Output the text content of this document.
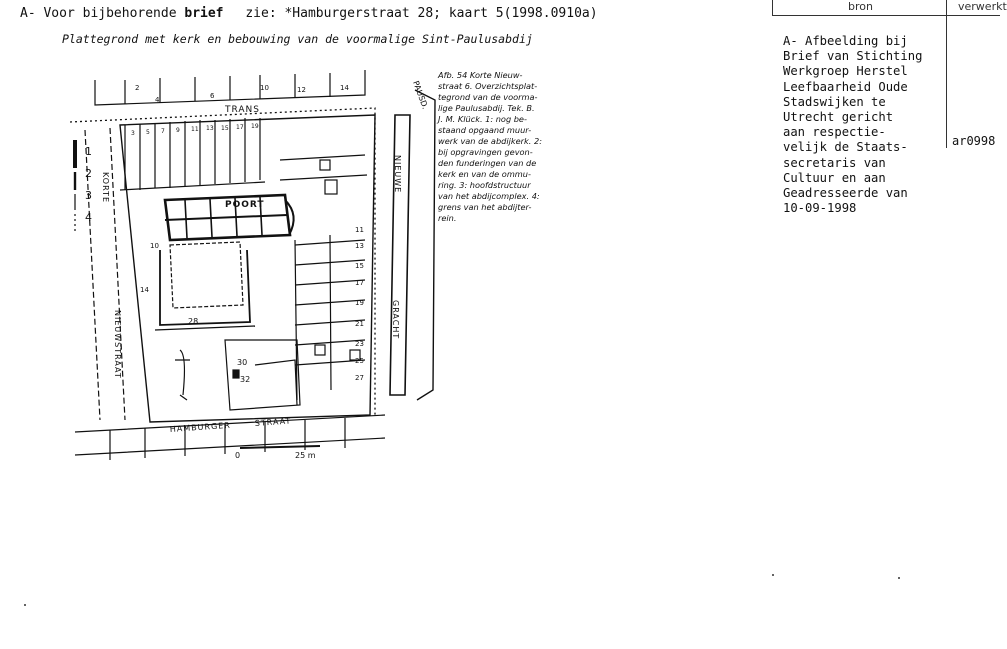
A- Voor bijbehorende brief zie: *Hamburgerstraat 28; kaart 5(1998.0910a)
Plattegrond met kerk en bebouwing van de voormalige Sint-Paulusabdij
1
2
3
4
TRANS
POORT
KORTE
NIEUWSTRAAT
HAMBURGER	STRAAT
NIEUWE
GRACHT
PAUSD.
28
30
32
14
10
11
13
15
17
19
21
23
25
27
2
4	6
10	12	14
3 5 7 9 11 13 15 17 19
0	25 m
Afb. 54 Korte Nieuw-
straat 6. Overzichtsplat-
tegrond van de voorma-
lige Paulusabdij. Tek. B.
J. M. Klück. 1: nog be-
staand opgaand muur-
werk van de abdijkerk. 2:
bij opgravingen gevon-
den funderingen van de
kerk en van de ommu-
ring. 3: hoofdstructuur
van het abdijcomplex. 4:
grens van het abdijter-
rein.
bron	verwerkt
A- Afbeelding bij
Brief van Stichting
Werkgroep Herstel
Leefbaarheid Oude
Stadswijken te
Utrecht gericht
aan respectie-
velijk de Staats-
secretaris van
Cultuur en aan
Geadresseerde van
10-09-1998
ar0998
